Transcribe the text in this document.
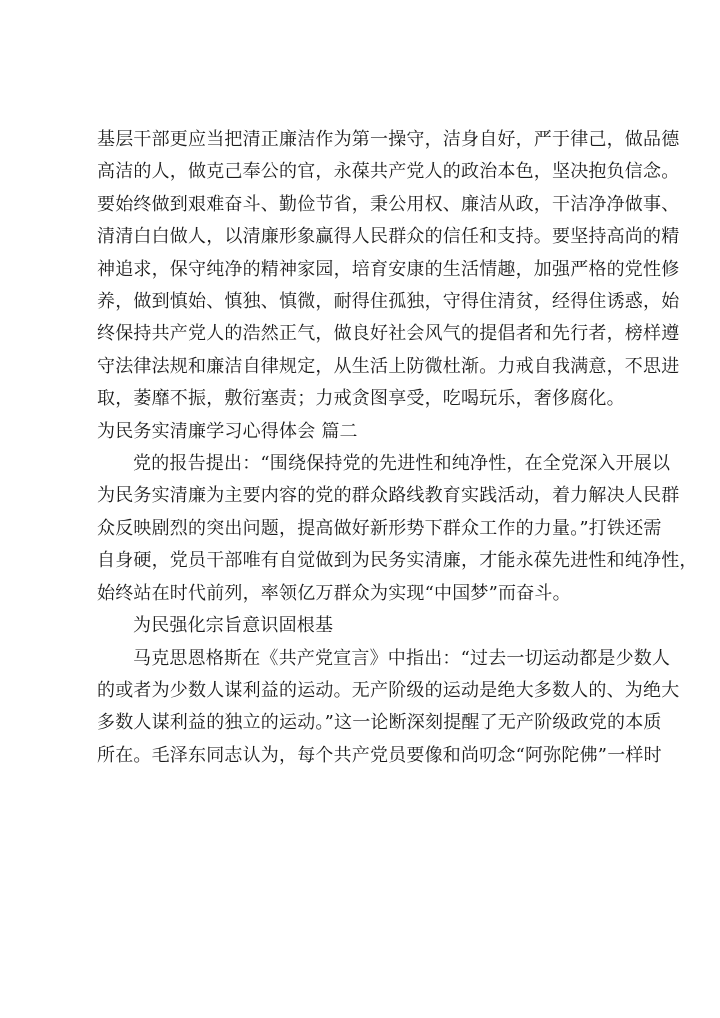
基层干部更应当把清正廉洁作为第一操守，洁身自好，严于律己，做品德
高洁的人，做克己奉公的官，永葆共产党人的政治本色，坚决抱负信念。
要始终做到艰难奋斗、勤俭节省，秉公用权、廉洁从政，干洁净净做事、
清清白白做人，以清廉形象赢得人民群众的信任和支持。要坚持高尚的精
神追求，保守纯净的精神家园，培育安康的生活情趣，加强严格的党性修
养，做到慎始、慎独、慎微，耐得住孤独，守得住清贫，经得住诱惑，始
终保持共产党人的浩然正气，做良好社会风气的提倡者和先行者，榜样遵
守法律法规和廉洁自律规定，从生活上防微杜渐。力戒自我满意，不思进
取，萎靡不振，敷衍塞责；力戒贪图享受，吃喝玩乐，奢侈腐化。
为民务实清廉学习心得体会 篇二
党的报告提出：“围绕保持党的先进性和纯净性，在全党深入开展以
为民务实清廉为主要内容的党的群众路线教育实践活动，着力解决人民群
众反映剧烈的突出问题，提高做好新形势下群众工作的力量。”打铁还需
自身硬，党员干部唯有自觉做到为民务实清廉，才能永葆先进性和纯净性，
始终站在时代前列，率领亿万群众为实现“中国梦”而奋斗。
为民强化宗旨意识固根基
马克思恩格斯在《共产党宣言》中指出：“过去一切运动都是少数人
的或者为少数人谋利益的运动。无产阶级的运动是绝大多数人的、为绝大
多数人谋利益的独立的运动。”这一论断深刻提醒了无产阶级政党的本质
所在。毛泽东同志认为，每个共产党员要像和尚叨念“阿弥陀佛”一样时
